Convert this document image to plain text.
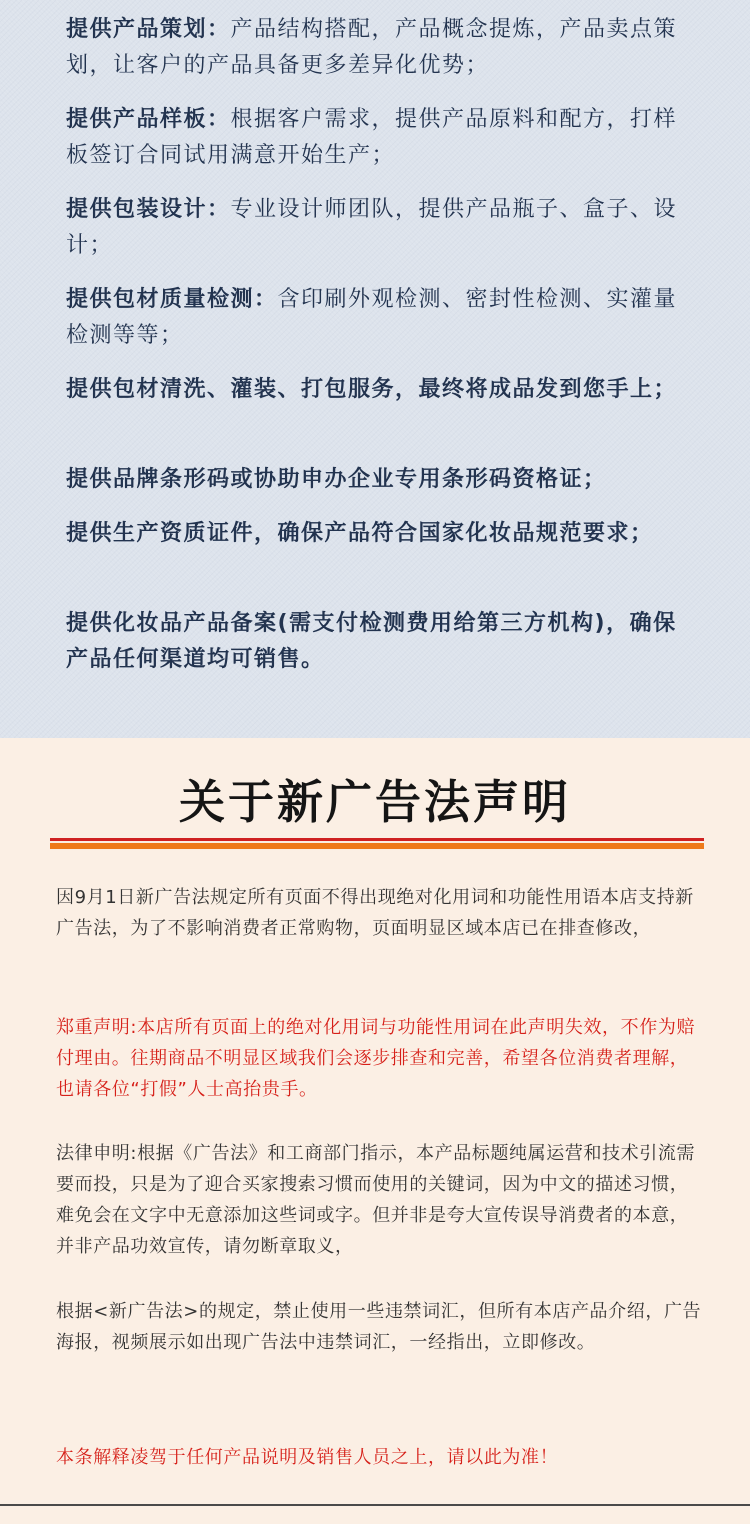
提供产品策划：产品结构搭配，产品概念提炼，产品卖点策划，让客户的产品具备更多差异化优势；

提供产品样板：根据客户需求，提供产品原料和配方，打样板签订合同试用满意开始生产；

提供包装设计：专业设计师团队，提供产品瓶子、盒子、设计；

提供包材质量检测：含印刷外观检测、密封性检测、实灌量检测等等；

提供包材清洗、灌装、打包服务，最终将成品发到您手上；

提供品牌条形码或协助申办企业专用条形码资格证；

提供生产资质证件，确保产品符合国家化妆品规范要求；

提供化妆品产品备案(需支付检测费用给第三方机构)，确保产品任何渠道均可销售。

关于新广告法声明

因9月1日新广告法规定所有页面不得出现绝对化用词和功能性用语本店支持新广告法，为了不影响消费者正常购物，页面明显区域本店已在排查修改，

郑重声明:本店所有页面上的绝对化用词与功能性用词在此声明失效，不作为赔付理由。往期商品不明显区域我们会逐步排查和完善，希望各位消费者理解，也请各位“打假”人士高抬贵手。

法律申明:根据《广告法》和工商部门指示，本产品标题纯属运营和技术引流需要而投，只是为了迎合买家搜索习惯而使用的关键词，因为中文的描述习惯，难免会在文字中无意添加这些词或字。但并非是夸大宣传误导消费者的本意，并非产品功效宣传，请勿断章取义，

根据<新广告法>的规定，禁止使用一些违禁词汇，但所有本店产品介绍，广告海报，视频展示如出现广告法中违禁词汇，一经指出，立即修改。

本条解释凌驾于任何产品说明及销售人员之上，请以此为准！
